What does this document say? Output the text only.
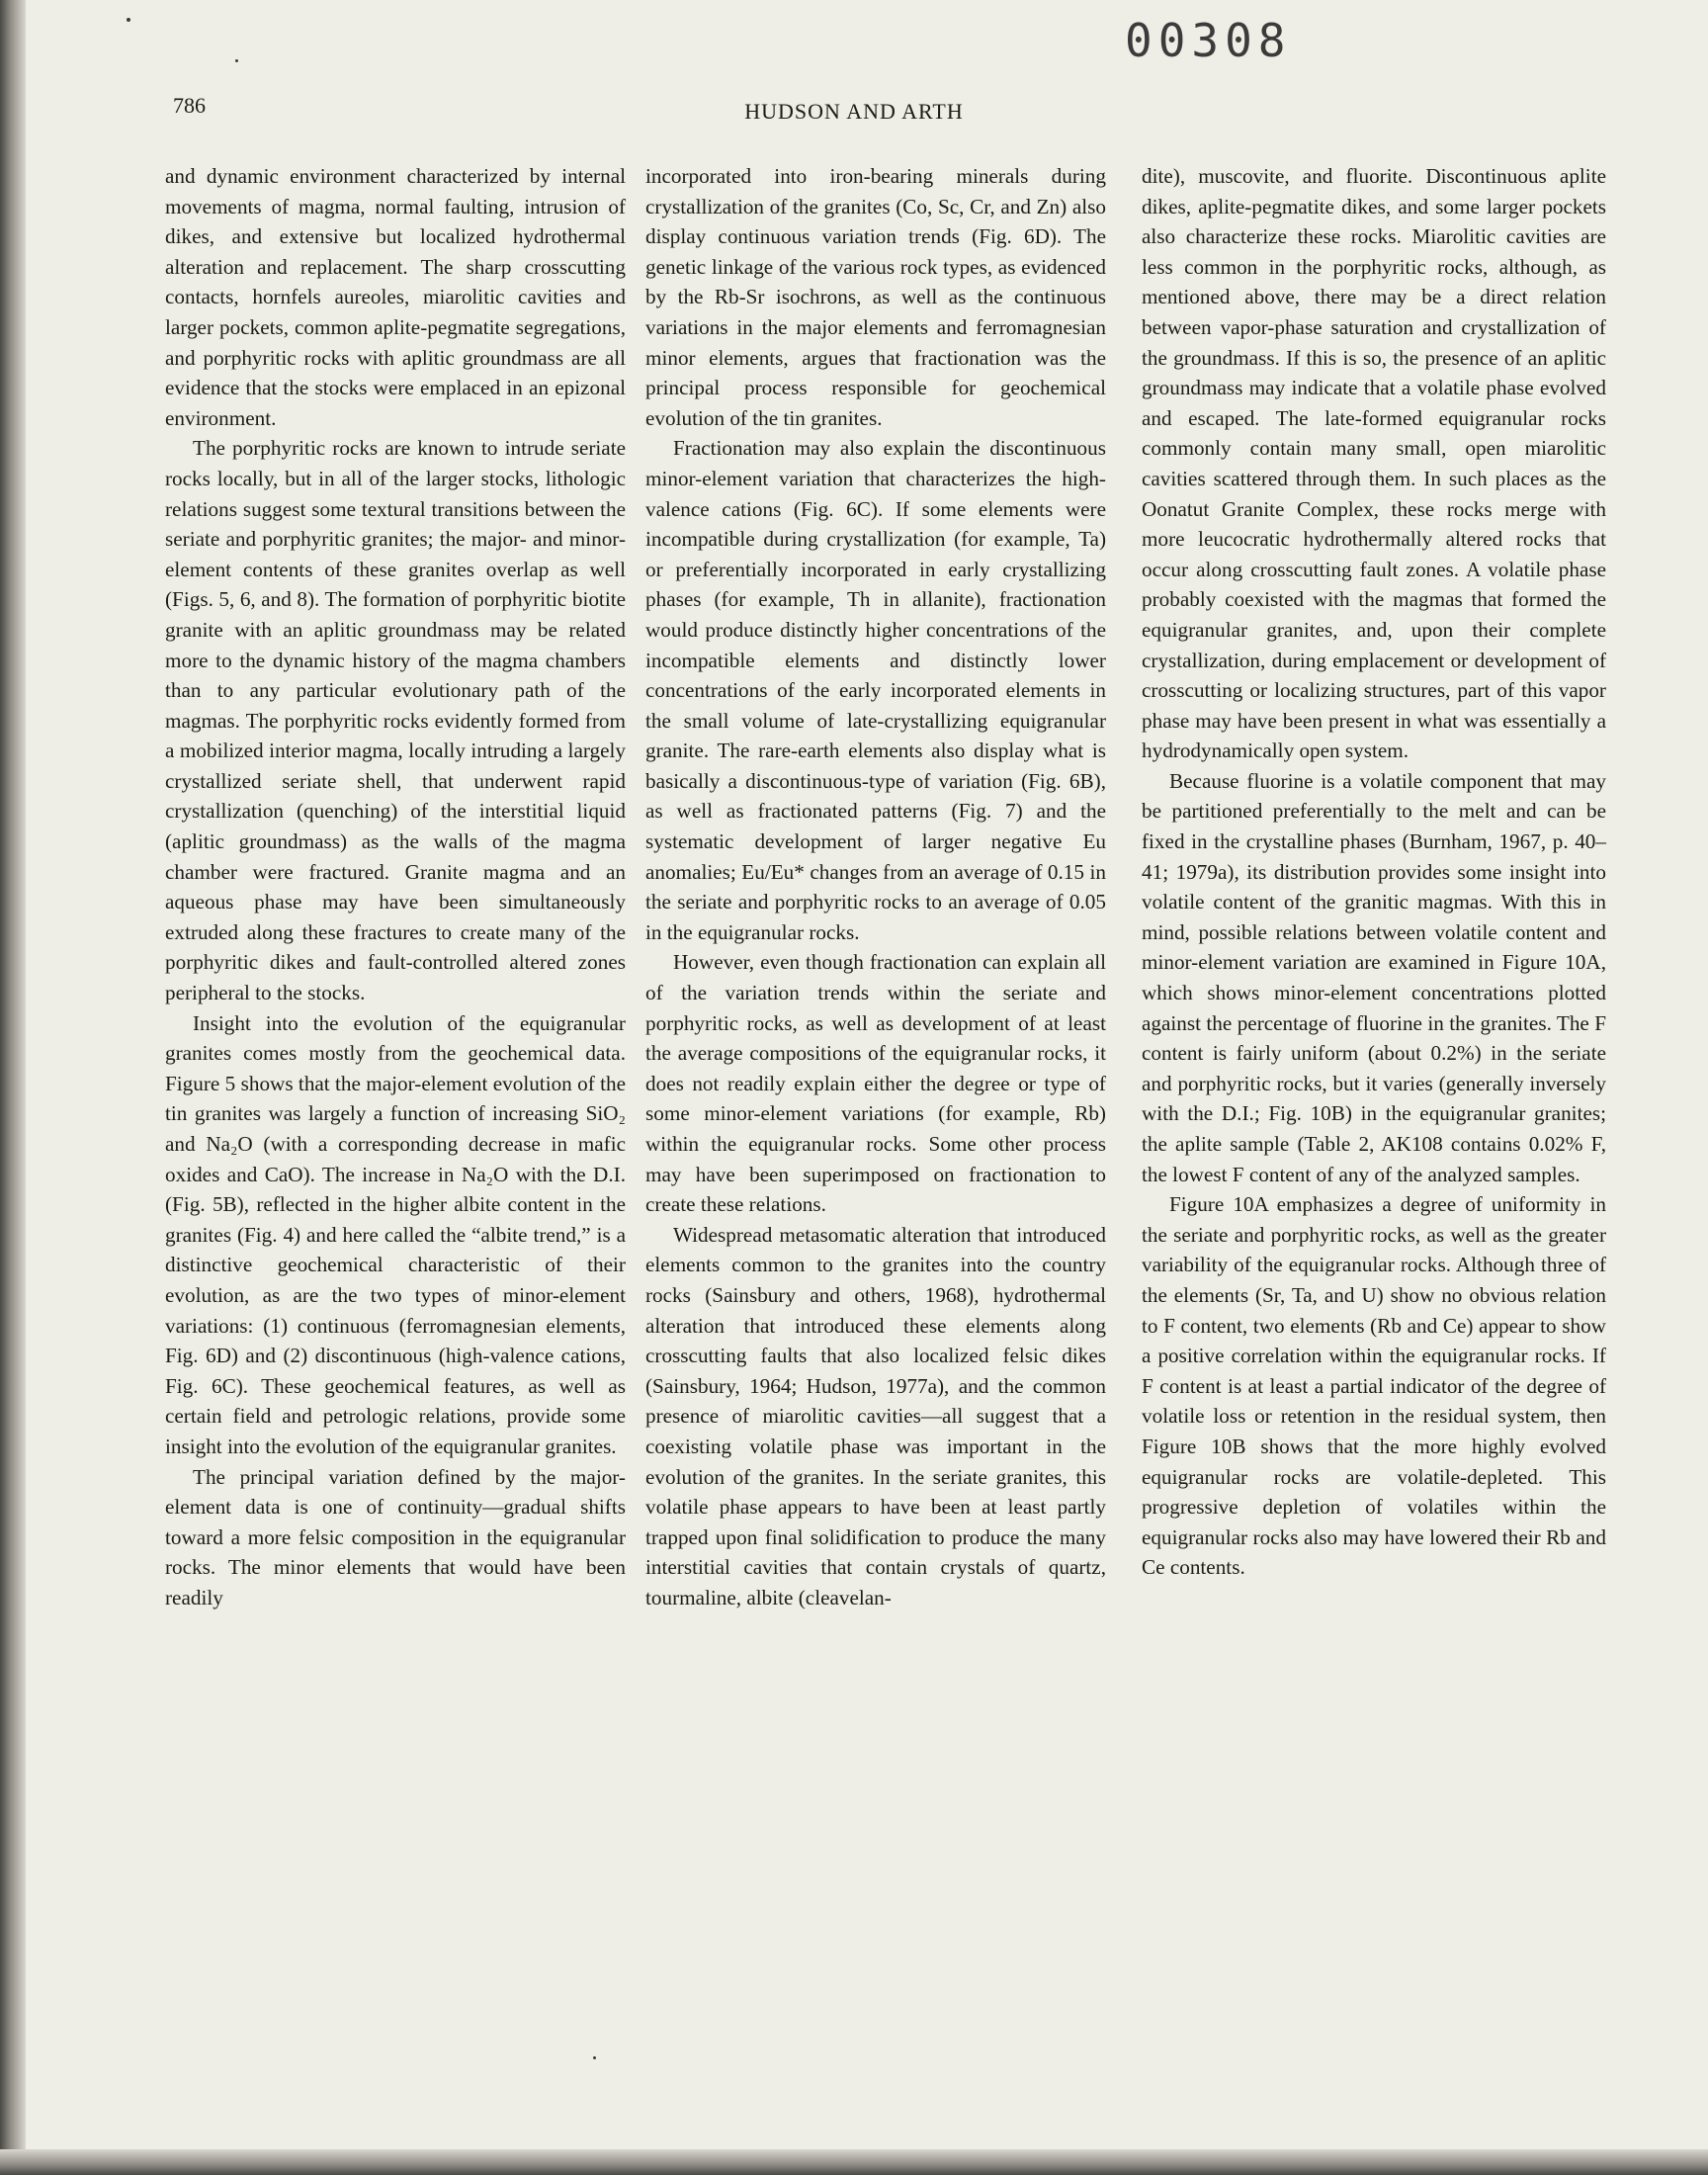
00308
786	HUDSON AND ARTH

and dynamic environment characterized by internal movements of magma, normal faulting, intrusion of dikes, and extensive but localized hydrothermal alteration and replacement. The sharp crosscutting contacts, hornfels aureoles, miarolitic cavities and larger pockets, common aplite-pegmatite segregations, and porphyritic rocks with aplitic groundmass are all evidence that the stocks were emplaced in an epizonal environment.

The porphyritic rocks are known to intrude seriate rocks locally, but in all of the larger stocks, lithologic relations suggest some textural transitions between the seriate and porphyritic granites; the major- and minor-element contents of these granites overlap as well (Figs. 5, 6, and 8). The formation of porphyritic biotite granite with an aplitic groundmass may be related more to the dynamic history of the magma chambers than to any particular evolutionary path of the magmas. The porphyritic rocks evidently formed from a mobilized interior magma, locally intruding a largely crystallized seriate shell, that underwent rapid crystallization (quenching) of the interstitial liquid (aplitic groundmass) as the walls of the magma chamber were fractured. Granite magma and an aqueous phase may have been simultaneously extruded along these fractures to create many of the porphyritic dikes and fault-controlled altered zones peripheral to the stocks.

Insight into the evolution of the equigranular granites comes mostly from the geochemical data. Figure 5 shows that the major-element evolution of the tin granites was largely a function of increasing SiO₂ and Na₂O (with a corresponding decrease in mafic oxides and CaO). The increase in Na₂O with the D.I. (Fig. 5B), reflected in the higher albite content in the granites (Fig. 4) and here called the “albite trend,” is a distinctive geochemical characteristic of their evolution, as are the two types of minor-element variations: (1) continuous (ferromagnesian elements, Fig. 6D) and (2) discontinuous (high-valence cations, Fig. 6C). These geochemical features, as well as certain field and petrologic relations, provide some insight into the evolution of the equigranular granites.

The principal variation defined by the major-element data is one of continuity—gradual shifts toward a more felsic composition in the equigranular rocks. The minor elements that would have been readily

incorporated into iron-bearing minerals during crystallization of the granites (Co, Sc, Cr, and Zn) also display continuous variation trends (Fig. 6D). The genetic linkage of the various rock types, as evidenced by the Rb-Sr isochrons, as well as the continuous variations in the major elements and ferromagnesian minor elements, argues that fractionation was the principal process responsible for geochemical evolution of the tin granites.

Fractionation may also explain the discontinuous minor-element variation that characterizes the high-valence cations (Fig. 6C). If some elements were incompatible during crystallization (for example, Ta) or preferentially incorporated in early crystallizing phases (for example, Th in allanite), fractionation would produce distinctly higher concentrations of the incompatible elements and distinctly lower concentrations of the early incorporated elements in the small volume of late-crystallizing equigranular granite. The rare-earth elements also display what is basically a discontinuous-type of variation (Fig. 6B), as well as fractionated patterns (Fig. 7) and the systematic development of larger negative Eu anomalies; Eu/Eu* changes from an average of 0.15 in the seriate and porphyritic rocks to an average of 0.05 in the equigranular rocks.

However, even though fractionation can explain all of the variation trends within the seriate and porphyritic rocks, as well as development of at least the average compositions of the equigranular rocks, it does not readily explain either the degree or type of some minor-element variations (for example, Rb) within the equigranular rocks. Some other process may have been superimposed on fractionation to create these relations.

Widespread metasomatic alteration that introduced elements common to the granites into the country rocks (Sainsbury and others, 1968), hydrothermal alteration that introduced these elements along crosscutting faults that also localized felsic dikes (Sainsbury, 1964; Hudson, 1977a), and the common presence of miarolitic cavities—all suggest that a coexisting volatile phase was important in the evolution of the granites. In the seriate granites, this volatile phase appears to have been at least partly trapped upon final solidification to produce the many interstitial cavities that contain crystals of quartz, tourmaline, albite (cleavelan-

dite), muscovite, and fluorite. Discontinuous aplite dikes, aplite-pegmatite dikes, and some larger pockets also characterize these rocks. Miarolitic cavities are less common in the porphyritic rocks, although, as mentioned above, there may be a direct relation between vapor-phase saturation and crystallization of the groundmass. If this is so, the presence of an aplitic groundmass may indicate that a volatile phase evolved and escaped. The late-formed equigranular rocks commonly contain many small, open miarolitic cavities scattered through them. In such places as the Oonatut Granite Complex, these rocks merge with more leucocratic hydrothermally altered rocks that occur along crosscutting fault zones. A volatile phase probably coexisted with the magmas that formed the equigranular granites, and, upon their complete crystallization, during emplacement or development of crosscutting or localizing structures, part of this vapor phase may have been present in what was essentially a hydrodynamically open system.

Because fluorine is a volatile component that may be partitioned preferentially to the melt and can be fixed in the crystalline phases (Burnham, 1967, p. 40–41; 1979a), its distribution provides some insight into volatile content of the granitic magmas. With this in mind, possible relations between volatile content and minor-element variation are examined in Figure 10A, which shows minor-element concentrations plotted against the percentage of fluorine in the granites. The F content is fairly uniform (about 0.2%) in the seriate and porphyritic rocks, but it varies (generally inversely with the D.I.; Fig. 10B) in the equigranular granites; the aplite sample (Table 2, AK108 contains 0.02% F, the lowest F content of any of the analyzed samples.

Figure 10A emphasizes a degree of uniformity in the seriate and porphyritic rocks, as well as the greater variability of the equigranular rocks. Although three of the elements (Sr, Ta, and U) show no obvious relation to F content, two elements (Rb and Ce) appear to show a positive correlation within the equigranular rocks. If F content is at least a partial indicator of the degree of volatile loss or retention in the residual system, then Figure 10B shows that the more highly evolved equigranular rocks are volatile-depleted. This progressive depletion of volatiles within the equigranular rocks also may have lowered their Rb and Ce contents.
